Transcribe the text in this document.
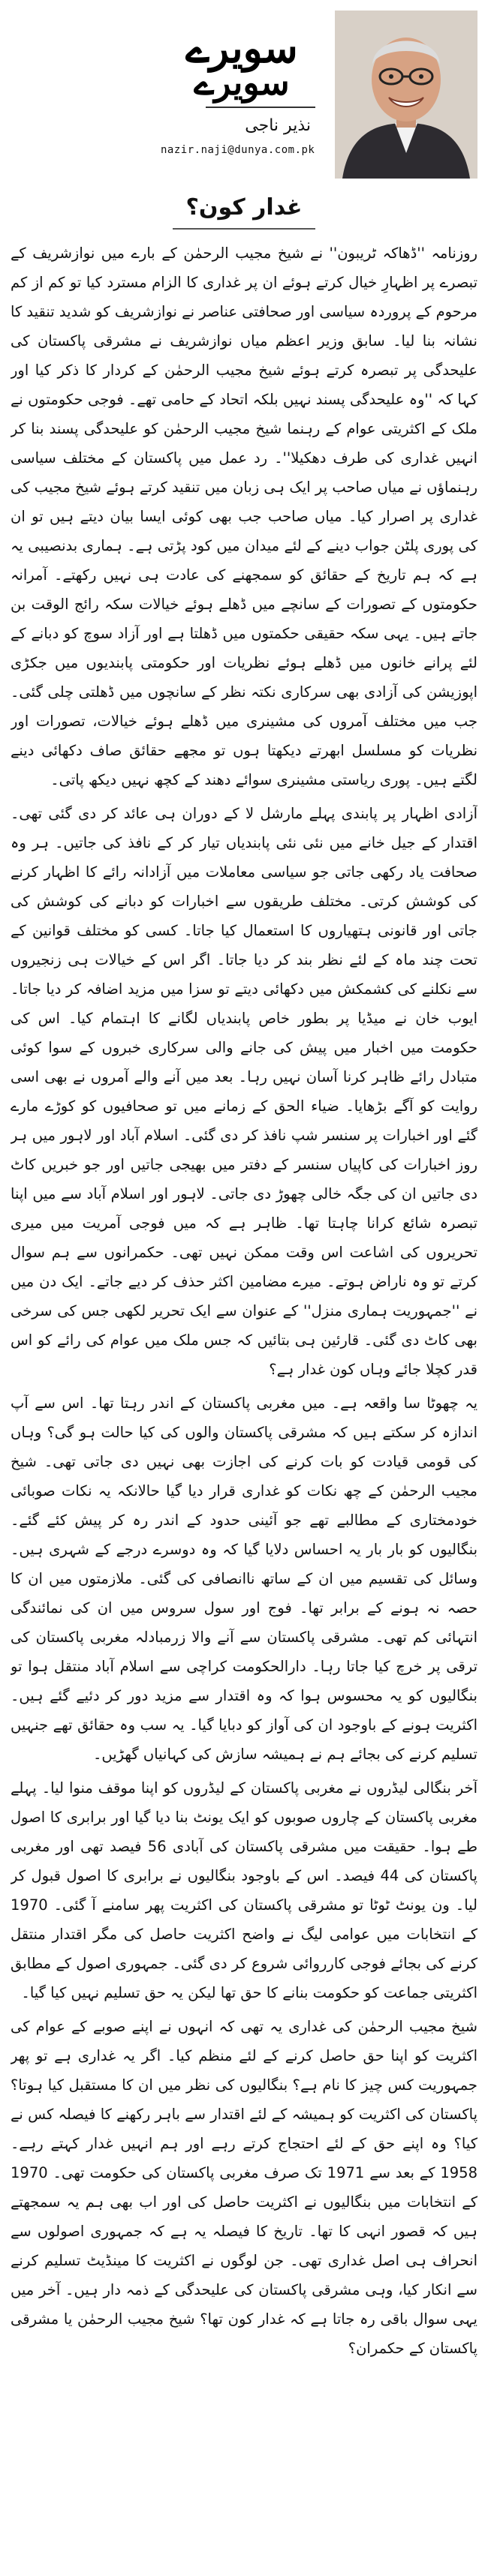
سویرے
سویرے
نذیر ناجی
nazir.naji@dunya.com.pk
غدار کون؟

روزنامہ ''ڈھاکہ ٹریبون'' نے شیخ مجیب الرحمٰن کے بارے میں نوازشریف کے تبصرے پر اظہارِ خیال کرتے ہوئے ان پر غداری کا الزام مسترد کیا تو کم از کم مرحوم کے پروردہ سیاسی اور صحافتی عناصر نے نوازشریف کو شدید تنقید کا نشانہ بنا لیا۔ سابق وزیر اعظم میاں نوازشریف نے مشرقی پاکستان کی علیحدگی پر تبصرہ کرتے ہوئے شیخ مجیب الرحمٰن کے کردار کا ذکر کیا اور کہا کہ ''وہ علیحدگی پسند نہیں بلکہ اتحاد کے حامی تھے۔ فوجی حکومتوں نے ملک کے اکثریتی عوام کے رہنما شیخ مجیب الرحمٰن کو علیحدگی پسند بنا کر انہیں غداری کی طرف دھکیلا''۔ رد عمل میں پاکستان کے مختلف سیاسی رہنماؤں نے میاں صاحب پر ایک ہی زبان میں تنقید کرتے ہوئے شیخ مجیب کی غداری پر اصرار کیا۔ میاں صاحب جب بھی کوئی ایسا بیان دیتے ہیں تو ان کی پوری پلٹن جواب دینے کے لئے میدان میں کود پڑتی ہے۔ ہماری بدنصیبی یہ ہے کہ ہم تاریخ کے حقائق کو سمجھنے کی عادت ہی نہیں رکھتے۔ آمرانہ حکومتوں کے تصورات کے سانچے میں ڈھلے ہوئے خیالات سکہ رائج الوقت بن جاتے ہیں۔ یہی سکہ حقیقی حکمتوں میں ڈھلتا ہے اور آزاد سوچ کو دبانے کے لئے پرانے خانوں میں ڈھلے ہوئے نظریات اور حکومتی پابندیوں میں جکڑی اپوزیشن کی آزادی بھی سرکاری نکتہ نظر کے سانچوں میں ڈھلتی چلی گئی۔ جب میں مختلف آمروں کی مشینری میں ڈھلے ہوئے خیالات، تصورات اور نظریات کو مسلسل ابھرتے دیکھتا ہوں تو مجھے حقائق صاف دکھائی دینے لگتے ہیں۔ پوری ریاستی مشینری سوائے دھند کے کچھ نہیں دیکھ پاتی۔

آزادی اظہار پر پابندی پہلے مارشل لا کے دوران ہی عائد کر دی گئی تھی۔ اقتدار کے جیل خانے میں نئی نئی پابندیاں تیار کر کے نافذ کی جاتیں۔ ہر وہ صحافت یاد رکھی جاتی جو سیاسی معاملات میں آزادانہ رائے کا اظہار کرنے کی کوشش کرتی۔ مختلف طریقوں سے اخبارات کو دبانے کی کوشش کی جاتی اور قانونی ہتھیاروں کا استعمال کیا جاتا۔ کسی کو مختلف قوانین کے تحت چند ماہ کے لئے نظر بند کر دیا جاتا۔ اگر اس کے خیالات ہی زنجیروں سے نکلنے کی کشمکش میں دکھائی دیتے تو سزا میں مزید اضافہ کر دیا جاتا۔ ایوب خان نے میڈیا پر بطور خاص پابندیاں لگانے کا اہتمام کیا۔ اس کی حکومت میں اخبار میں پیش کی جانے والی سرکاری خبروں کے سوا کوئی متبادل رائے ظاہر کرنا آسان نہیں رہا۔ بعد میں آنے والے آمروں نے بھی اسی روایت کو آگے بڑھایا۔ ضیاء الحق کے زمانے میں تو صحافیوں کو کوڑے مارے گئے اور اخبارات پر سنسر شپ نافذ کر دی گئی۔ اسلام آباد اور لاہور میں ہر روز اخبارات کی کاپیاں سنسر کے دفتر میں بھیجی جاتیں اور جو خبریں کاٹ دی جاتیں ان کی جگہ خالی چھوڑ دی جاتی۔ لاہور اور اسلام آباد سے میں اپنا تبصرہ شائع کرانا چاہتا تھا۔ ظاہر ہے کہ میں فوجی آمریت میں میری تحریروں کی اشاعت اس وقت ممکن نہیں تھی۔ حکمرانوں سے ہم سوال کرتے تو وہ ناراض ہوتے۔ میرے مضامین اکثر حذف کر دیے جاتے۔ ایک دن میں نے ''جمہوریت ہماری منزل'' کے عنوان سے ایک تحریر لکھی جس کی سرخی بھی کاٹ دی گئی۔ قارئین ہی بتائیں کہ جس ملک میں عوام کی رائے کو اس قدر کچلا جائے وہاں کون غدار ہے؟

یہ چھوٹا سا واقعہ ہے۔ میں مغربی پاکستان کے اندر رہتا تھا۔ اس سے آپ اندازہ کر سکتے ہیں کہ مشرقی پاکستان والوں کی کیا حالت ہو گی؟ وہاں کی قومی قیادت کو بات کرنے کی اجازت بھی نہیں دی جاتی تھی۔ شیخ مجیب الرحمٰن کے چھ نکات کو غداری قرار دیا گیا حالانکہ یہ نکات صوبائی خودمختاری کے مطالبے تھے جو آئینی حدود کے اندر رہ کر پیش کئے گئے۔ بنگالیوں کو بار بار یہ احساس دلایا گیا کہ وہ دوسرے درجے کے شہری ہیں۔ وسائل کی تقسیم میں ان کے ساتھ ناانصافی کی گئی۔ ملازمتوں میں ان کا حصہ نہ ہونے کے برابر تھا۔ فوج اور سول سروس میں ان کی نمائندگی انتہائی کم تھی۔ مشرقی پاکستان سے آنے والا زرمبادلہ مغربی پاکستان کی ترقی پر خرچ کیا جاتا رہا۔ دارالحکومت کراچی سے اسلام آباد منتقل ہوا تو بنگالیوں کو یہ محسوس ہوا کہ وہ اقتدار سے مزید دور کر دئیے گئے ہیں۔ اکثریت ہونے کے باوجود ان کی آواز کو دبایا گیا۔ یہ سب وہ حقائق تھے جنہیں تسلیم کرنے کی بجائے ہم نے ہمیشہ سازش کی کہانیاں گھڑیں۔

آخر بنگالی لیڈروں نے مغربی پاکستان کے لیڈروں کو اپنا موقف منوا لیا۔ پہلے مغربی پاکستان کے چاروں صوبوں کو ایک یونٹ بنا دیا گیا اور برابری کا اصول طے ہوا۔ حقیقت میں مشرقی پاکستان کی آبادی 56 فیصد تھی اور مغربی پاکستان کی 44 فیصد۔ اس کے باوجود بنگالیوں نے برابری کا اصول قبول کر لیا۔ ون یونٹ ٹوٹا تو مشرقی پاکستان کی اکثریت پھر سامنے آ گئی۔ 1970 کے انتخابات میں عوامی لیگ نے واضح اکثریت حاصل کی مگر اقتدار منتقل کرنے کی بجائے فوجی کارروائی شروع کر دی گئی۔ جمہوری اصول کے مطابق اکثریتی جماعت کو حکومت بنانے کا حق تھا لیکن یہ حق تسلیم نہیں کیا گیا۔

شیخ مجیب الرحمٰن کی غداری یہ تھی کہ انہوں نے اپنے صوبے کے عوام کی اکثریت کو اپنا حق حاصل کرنے کے لئے منظم کیا۔ اگر یہ غداری ہے تو پھر جمہوریت کس چیز کا نام ہے؟ بنگالیوں کی نظر میں ان کا مستقبل کیا ہوتا؟ پاکستان کی اکثریت کو ہمیشہ کے لئے اقتدار سے باہر رکھنے کا فیصلہ کس نے کیا؟ وہ اپنے حق کے لئے احتجاج کرتے رہے اور ہم انہیں غدار کہتے رہے۔ 1958 کے بعد سے 1971 تک صرف مغربی پاکستان کی حکومت تھی۔ 1970 کے انتخابات میں بنگالیوں نے اکثریت حاصل کی اور اب بھی ہم یہ سمجھتے ہیں کہ قصور انہی کا تھا۔ تاریخ کا فیصلہ یہ ہے کہ جمہوری اصولوں سے انحراف ہی اصل غداری تھی۔ جن لوگوں نے اکثریت کا مینڈیٹ تسلیم کرنے سے انکار کیا، وہی مشرقی پاکستان کی علیحدگی کے ذمہ دار ہیں۔ آخر میں یہی سوال باقی رہ جاتا ہے کہ غدار کون تھا؟ شیخ مجیب الرحمٰن یا مشرقی پاکستان کے حکمران؟
